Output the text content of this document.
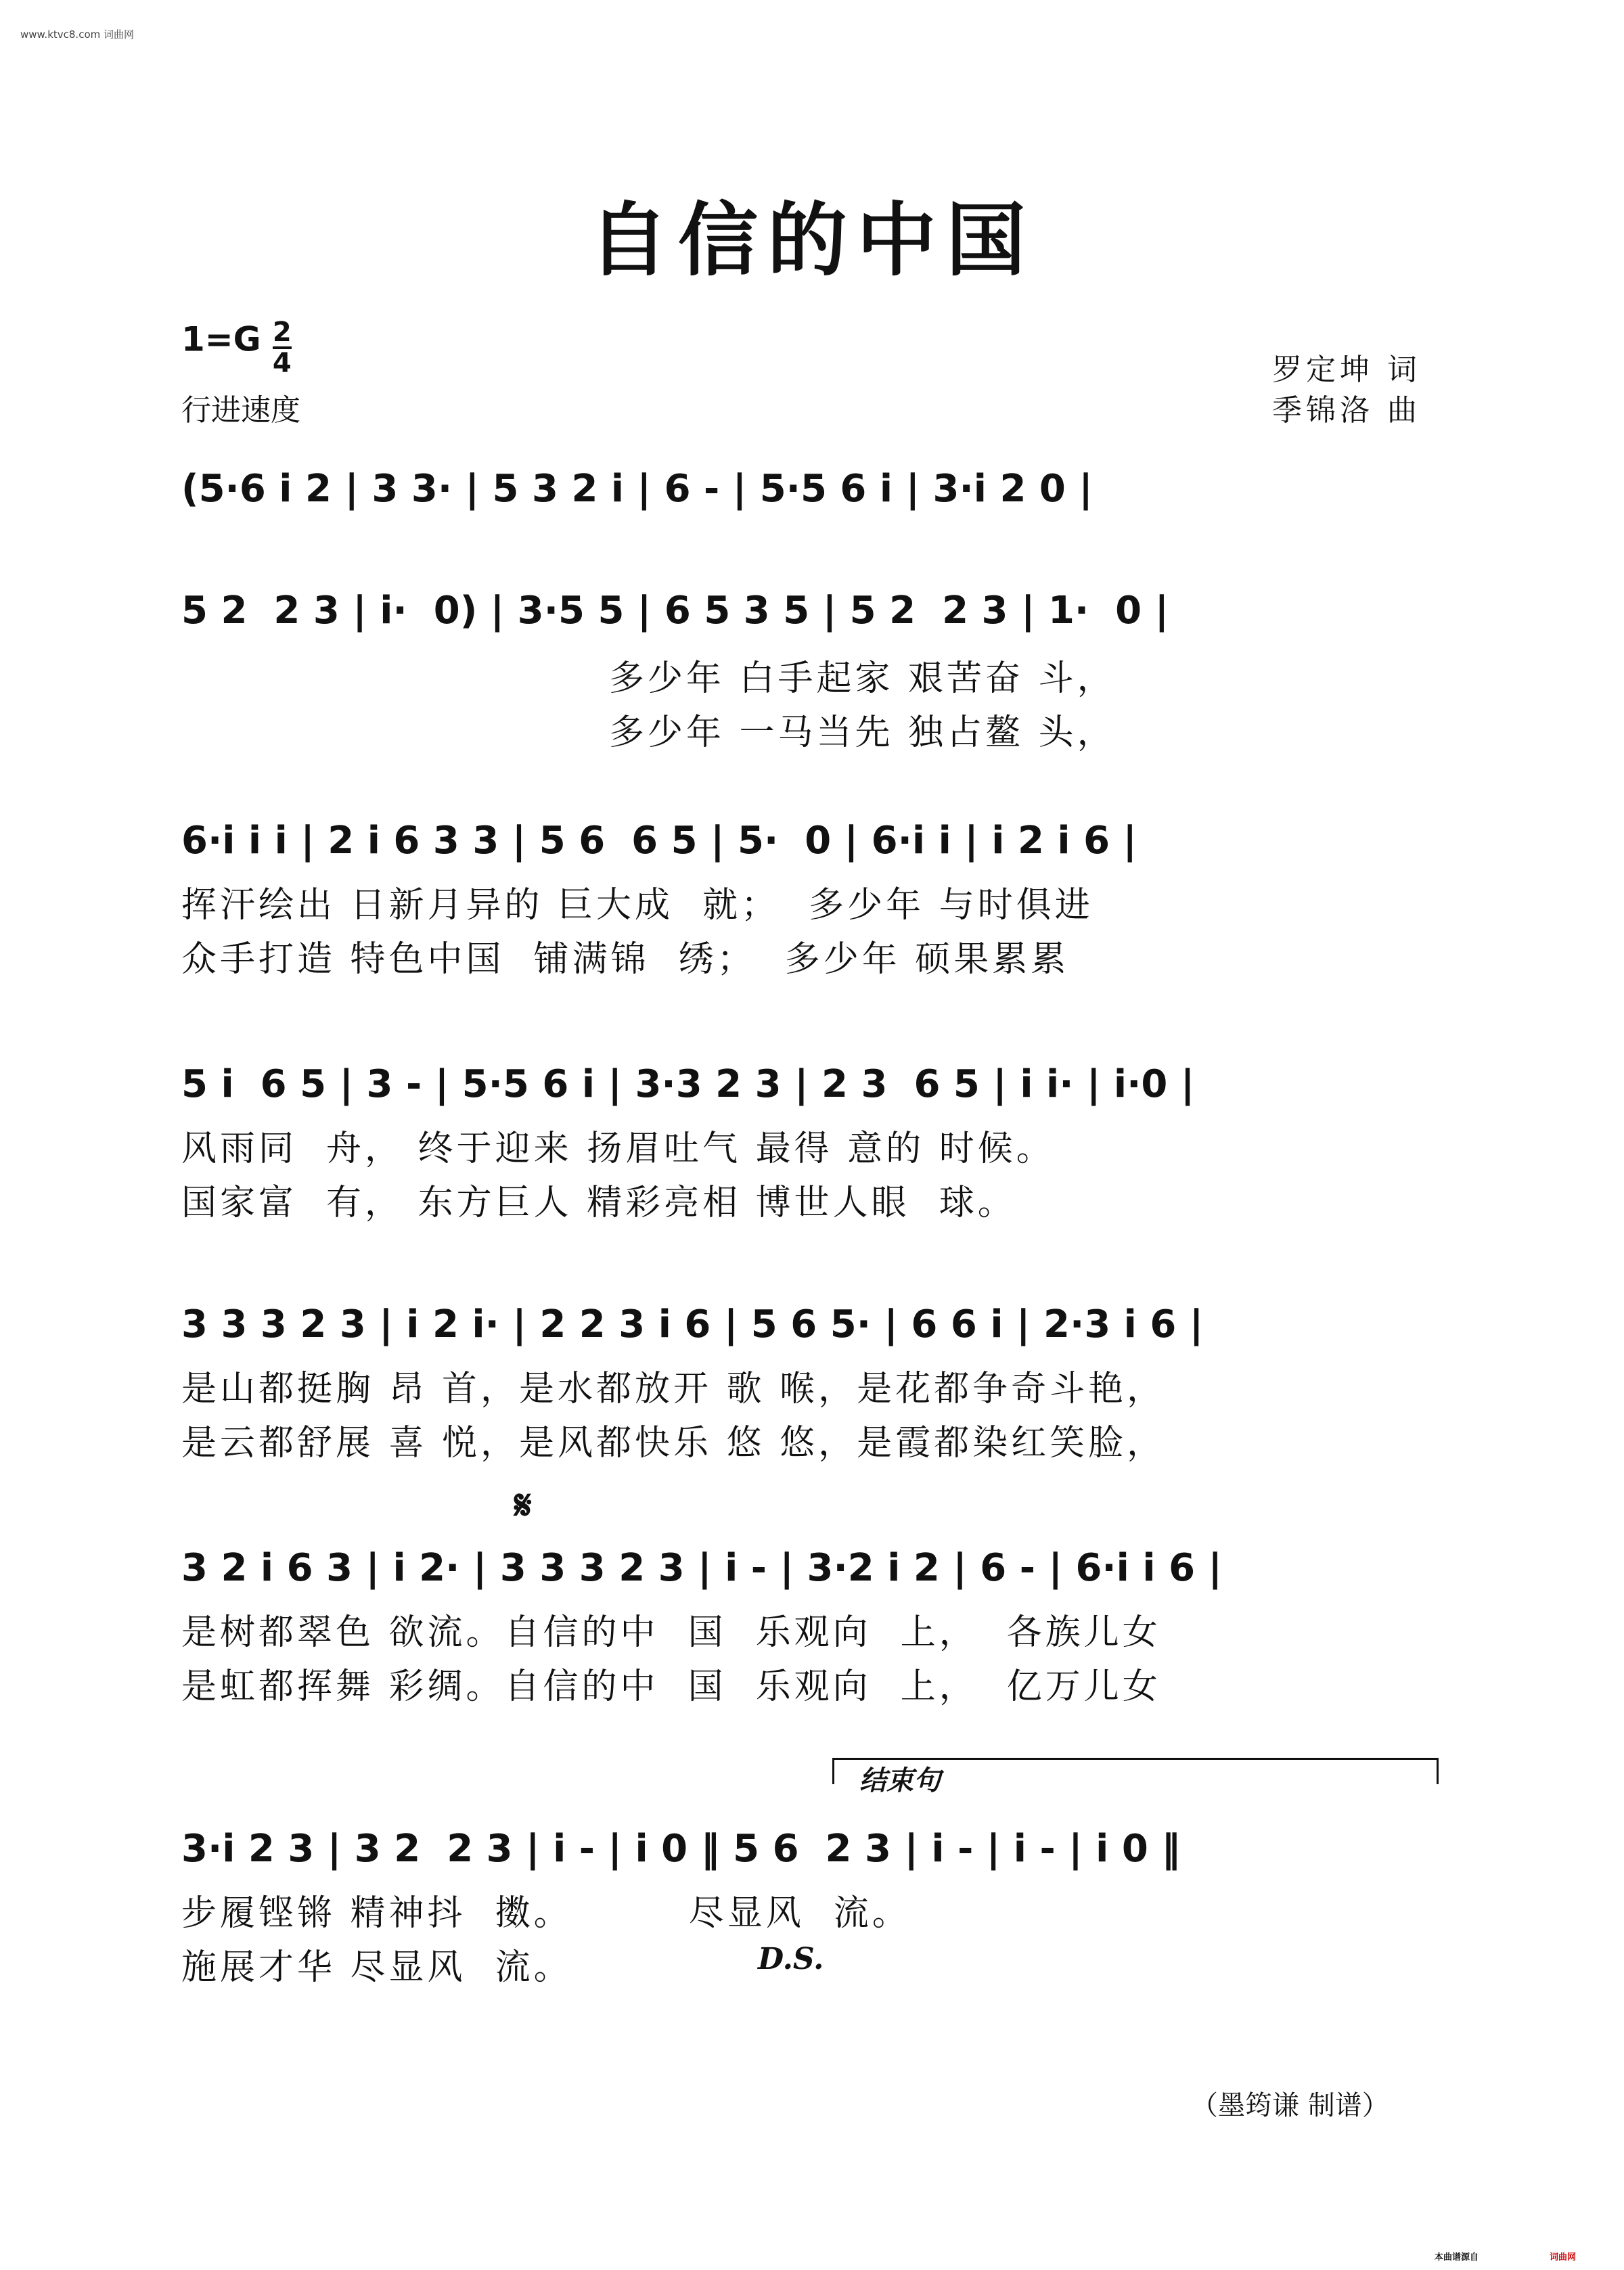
www.ktvc8.com 词曲网
自信的中国
$1=G \frac{2}{4}$
行进速度
罗定坤 词
季锦洛 曲
(5·6 i 2 | 3 3· | 5 3 2 i | 6 - | 5·5 6 i | 3·i 2 0 |
5 2  2 3 | i·  0) | 3·5 5 | 6 5 3 5 | 5 2  2 3 | 1·  0 |
多少年 白手起家 艰苦奋 斗，
多少年 一马当先 独占鳌 头，
6·i i i | 2 i 6 3 3 | 5 6  6 5 | 5·  0 | 6·i i | i 2 i 6 |
挥汗绘出 日新月异的 巨大成  就；  多少年 与时俱进
众手打造 特色中国  铺满锦  绣；  多少年 硕果累累
5 i  6 5 | 3 - | 5·5 6 i | 3·3 2 3 | 2 3  6 5 | i i· | i·0 |
风雨同  舟， 终于迎来 扬眉吐气 最得 意的 时候。
国家富  有， 东方巨人 精彩亮相 博世人眼  球。
3 3 3 2 3 | i 2 i· | 2 2 3 i 6 | 5 6 5· | 6 6 i | 2·3 i 6 |
是山都挺胸 昂 首，是水都放开 歌 喉，是花都争奇斗艳，
是云都舒展 喜 悦，是风都快乐 悠 悠，是霞都染红笑脸，
𝄋
3 2 i 6 3 | i 2· | 3 3 3 2 3 | i - | 3·2 i 2 | 6 - | 6·i i 6 |
是树都翠色 欲流。自信的中  国  乐观向  上，  各族儿女
是虹都挥舞 彩绸。自信的中  国  乐观向  上，  亿万儿女
结束句
3·i 2 3 | 3 2  2 3 | i - | i 0 ‖ 5 6  2 3 | i - | i - | i 0 ‖
步履铿锵 精神抖  擞。        尽显风  流。
施展才华 尽显风  流。	D.S.
（墨筠谦 制谱）
本曲谱源自	词曲网
